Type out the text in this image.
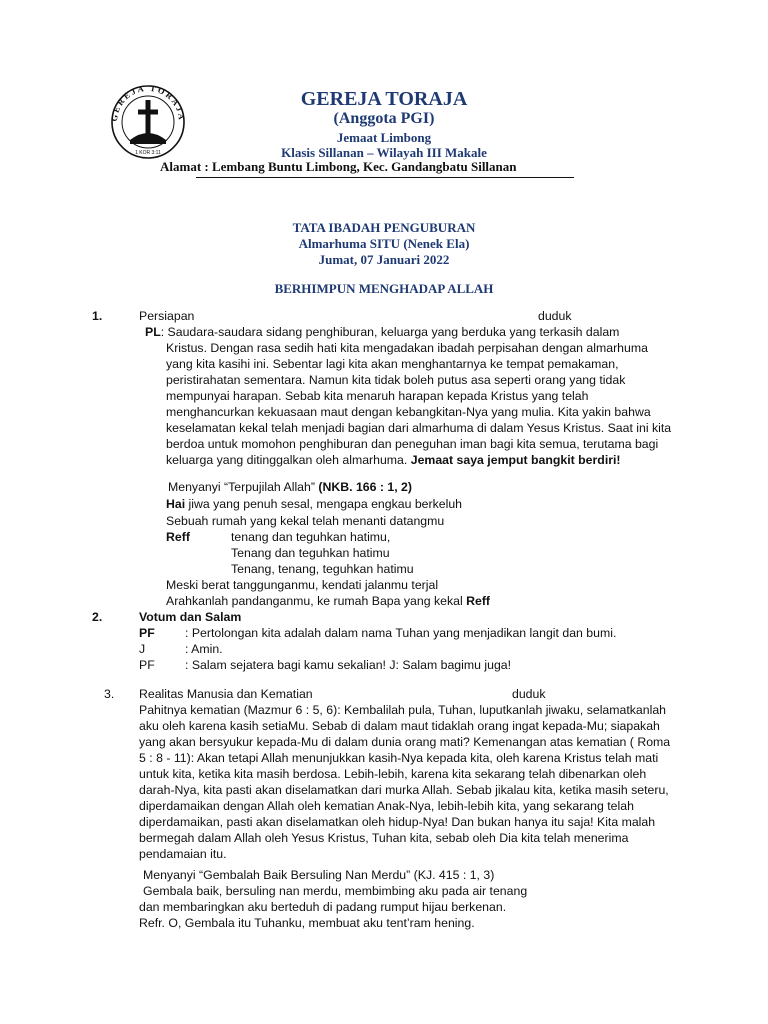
GEREJA TORAJA
1 KOR 3:11
GEREJA TORAJA
(Anggota PGI)
Jemaat Limbong
Klasis Sillanan – Wilayah III Makale
Alamat : Lembang Buntu Limbong, Kec. Gandangbatu Sillanan
TATA IBADAH PENGUBURAN
Almarhuma SITU (Nenek Ela)
Jumat, 07 Januari 2022
BERHIMPUN MENGHADAP ALLAH
1.	Persiapan	duduk
PL: Saudara-saudara sidang penghiburan, keluarga yang berduka yang terkasih dalam
Kristus. Dengan rasa sedih hati kita mengadakan ibadah perpisahan dengan almarhuma
yang kita kasihi ini. Sebentar lagi kita akan menghantarnya ke tempat pemakaman,
peristirahatan sementara. Namun kita tidak boleh putus asa seperti orang yang tidak
mempunyai harapan. Sebab kita menaruh harapan kepada Kristus yang telah
menghancurkan kekuasaan maut dengan kebangkitan-Nya yang mulia. Kita yakin bahwa
keselamatan kekal telah menjadi bagian dari almarhuma di dalam Yesus Kristus. Saat ini kita
berdoa untuk momohon penghiburan dan peneguhan iman bagi kita semua, terutama bagi
keluarga yang ditinggalkan oleh almarhuma. Jemaat saya jemput bangkit berdiri!
Menyanyi “Terpujilah Allah” (NKB. 166 : 1, 2)
Hai jiwa yang penuh sesal, mengapa engkau berkeluh
Sebuah rumah yang kekal telah menanti datangmu
Reff	tenang dan teguhkan hatimu,
Tenang dan teguhkan hatimu
Tenang, tenang, teguhkan hatimu
Meski berat tanggunganmu, kendati jalanmu terjal
Arahkanlah pandanganmu, ke rumah Bapa yang kekal Reff
2.	Votum dan Salam
PF : Pertolongan kita adalah dalam nama Tuhan yang menjadikan langit dan bumi.
J	: Amin.
PF : Salam sejatera bagi kamu sekalian! J: Salam bagimu juga!
3. Realitas Manusia dan Kematian	duduk
Pahitnya kematian (Mazmur 6 : 5, 6): Kembalilah pula, Tuhan, luputkanlah jiwaku, selamatkanlah
aku oleh karena kasih setiaMu. Sebab di dalam maut tidaklah orang ingat kepada-Mu; siapakah
yang akan bersyukur kepada-Mu di dalam dunia orang mati? Kemenangan atas kematian ( Roma
5 : 8 - 11): Akan tetapi Allah menunjukkan kasih-Nya kepada kita, oleh karena Kristus telah mati
untuk kita, ketika kita masih berdosa. Lebih-lebih, karena kita sekarang telah dibenarkan oleh
darah-Nya, kita pasti akan diselamatkan dari murka Allah. Sebab jikalau kita, ketika masih seteru,
diperdamaikan dengan Allah oleh kematian Anak-Nya, lebih-lebih kita, yang sekarang telah
diperdamaikan, pasti akan diselamatkan oleh hidup-Nya! Dan bukan hanya itu saja! Kita malah
bermegah dalam Allah oleh Yesus Kristus, Tuhan kita, sebab oleh Dia kita telah menerima
pendamaian itu.
Menyanyi “Gembalah Baik Bersuling Nan Merdu” (KJ. 415 : 1, 3)
Gembala baik, bersuling nan merdu, membimbing aku pada air tenang
dan membaringkan aku berteduh di padang rumput hijau berkenan.
Refr. O, Gembala itu Tuhanku, membuat aku tent’ram hening.
